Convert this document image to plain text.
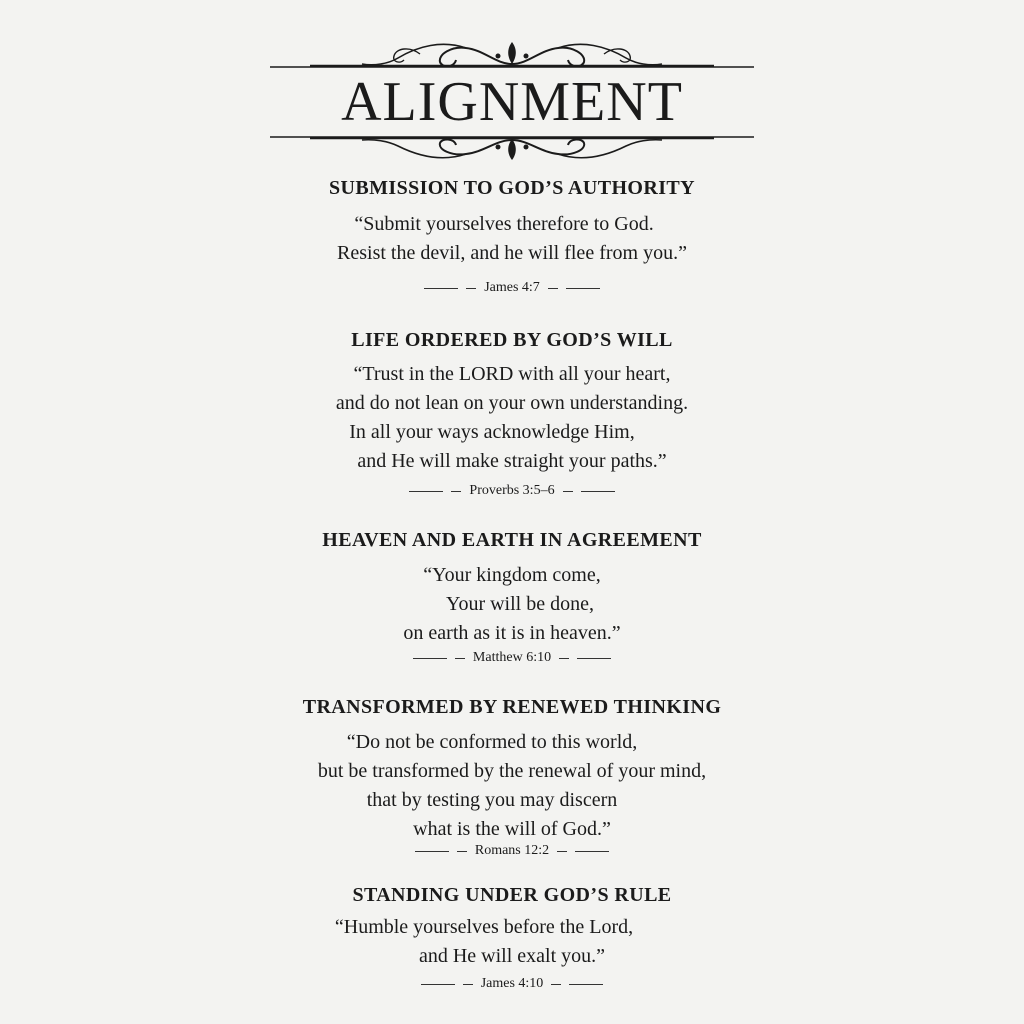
ALIGNMENT
SUBMISSION TO GOD’S AUTHORITY
“Submit yourselves therefore to God.
Resist the devil, and he will flee from you.”
James 4:7
LIFE ORDERED BY GOD’S WILL
“Trust in the LORD with all your heart,
and do not lean on your own understanding.
In all your ways acknowledge Him,
and He will make straight your paths.”
Proverbs 3:5–6
HEAVEN AND EARTH IN AGREEMENT
“Your kingdom come,
Your will be done,
on earth as it is in heaven.”
Matthew 6:10
TRANSFORMED BY RENEWED THINKING
“Do not be conformed to this world,
but be transformed by the renewal of your mind,
that by testing you may discern
what is the will of God.”
Romans 12:2
STANDING UNDER GOD’S RULE
“Humble yourselves before the Lord,
and He will exalt you.”
James 4:10
